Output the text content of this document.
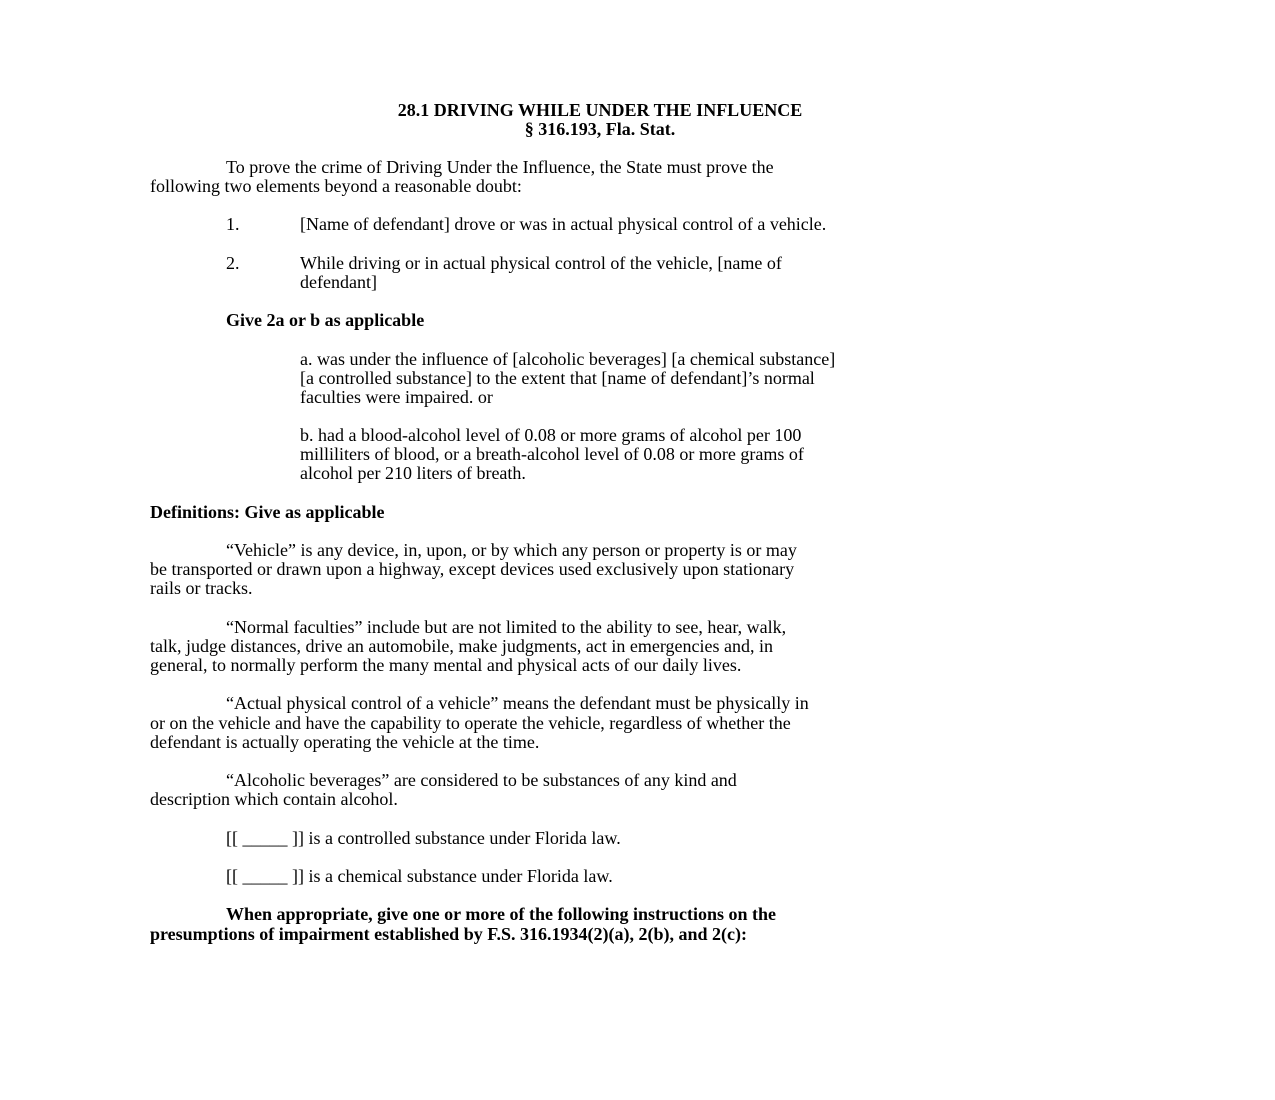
28.1 DRIVING WHILE UNDER THE INFLUENCE
§ 316.193, Fla. Stat.
To prove the crime of Driving Under the Influence, the State must prove the
following two elements beyond a reasonable doubt:
1.	[Name of defendant] drove or was in actual physical control of a vehicle.
2.	While driving or in actual physical control of the vehicle, [name of
defendant]
Give 2a or b as applicable
a. was under the influence of [alcoholic beverages] [a chemical substance]
[a controlled substance] to the extent that [name of defendant]’s normal
faculties were impaired. or
b. had a blood-alcohol level of 0.08 or more grams of alcohol per 100
milliliters of blood, or a breath-alcohol level of 0.08 or more grams of
alcohol per 210 liters of breath.
Definitions: Give as applicable
“Vehicle” is any device, in, upon, or by which any person or property is or may
be transported or drawn upon a highway, except devices used exclusively upon stationary
rails or tracks.
“Normal faculties” include but are not limited to the ability to see, hear, walk,
talk, judge distances, drive an automobile, make judgments, act in emergencies and, in
general, to normally perform the many mental and physical acts of our daily lives.
“Actual physical control of a vehicle” means the defendant must be physically in
or on the vehicle and have the capability to operate the vehicle, regardless of whether the
defendant is actually operating the vehicle at the time.
“Alcoholic beverages” are considered to be substances of any kind and
description which contain alcohol.
[[ _____ ]] is a controlled substance under Florida law.
[[ _____ ]] is a chemical substance under Florida law.
When appropriate, give one or more of the following instructions on the
presumptions of impairment established by F.S. 316.1934(2)(a), 2(b), and 2(c):
